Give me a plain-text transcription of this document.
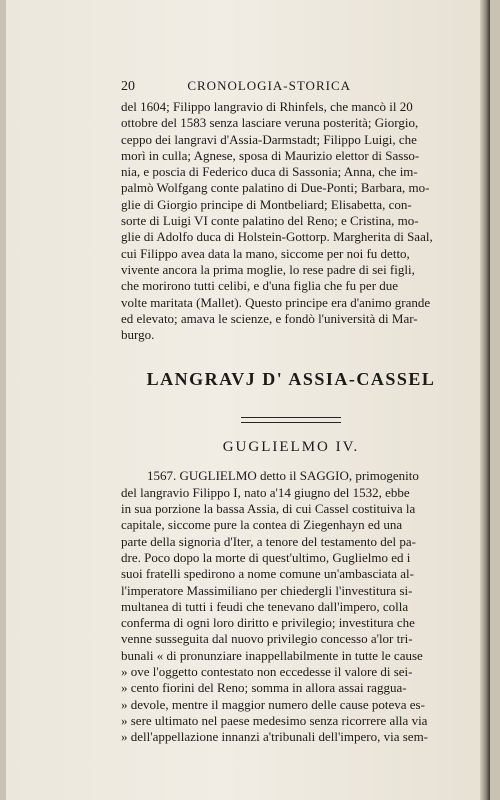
20	CRONOLOGIA-STORICA

del 1604; Filippo langravio di Rhinfels, che mancò il 20

ottobre del 1583 senza lasciare veruna posterità; Giorgio,

ceppo dei langravi d'Assia-Darmstadt; Filippo Luigi, che

morì in culla; Agnese, sposa di Maurizio elettor di Sasso-

nia, e poscia di Federico duca di Sassonia; Anna, che im-

palmò Wolfgang conte palatino di Due-Ponti; Barbara, mo-

glie di Giorgio principe di Montbeliard; Elisabetta, con-

sorte di Luigi VI conte palatino del Reno; e Cristina, mo-

glie di Adolfo duca di Holstein-Gottorp. Margherita di Saal,

cui Filippo avea data la mano, siccome per noi fu detto,

vivente ancora la prima moglie, lo rese padre di sei figli,

che morirono tutti celibi, e d'una figlia che fu per due

volte maritata (Mallet). Questo principe era d'animo grande

ed elevato; amava le scienze, e fondò l'università di Mar-

burgo.

LANGRAVJ D' ASSIA-CASSEL
GUGLIELMO IV.

1567. GUGLIELMO detto il SAGGIO, primogenito

del langravio Filippo I, nato a'14 giugno del 1532, ebbe

in sua porzione la bassa Assia, di cui Cassel costituiva la

capitale, siccome pure la contea di Ziegenhayn ed una

parte della signoria d'Iter, a tenore del testamento del pa-

dre. Poco dopo la morte di quest'ultimo, Guglielmo ed i

suoi fratelli spedirono a nome comune un'ambasciata al-

l'imperatore Massimiliano per chiedergli l'investitura si-

multanea di tutti i feudi che tenevano dall'impero, colla

conferma di ogni loro diritto e privilegio; investitura che

venne susseguita dal nuovo privilegio concesso a'lor tri-

bunali « di pronunziare inappellabilmente in tutte le cause

» ove l'oggetto contestato non eccedesse il valore di sei-

» cento fiorini del Reno; somma in allora assai raggua-

» devole, mentre il maggior numero delle cause poteva es-

» sere ultimato nel paese medesimo senza ricorrere alla via

» dell'appellazione innanzi a'tribunali dell'impero, via sem-
